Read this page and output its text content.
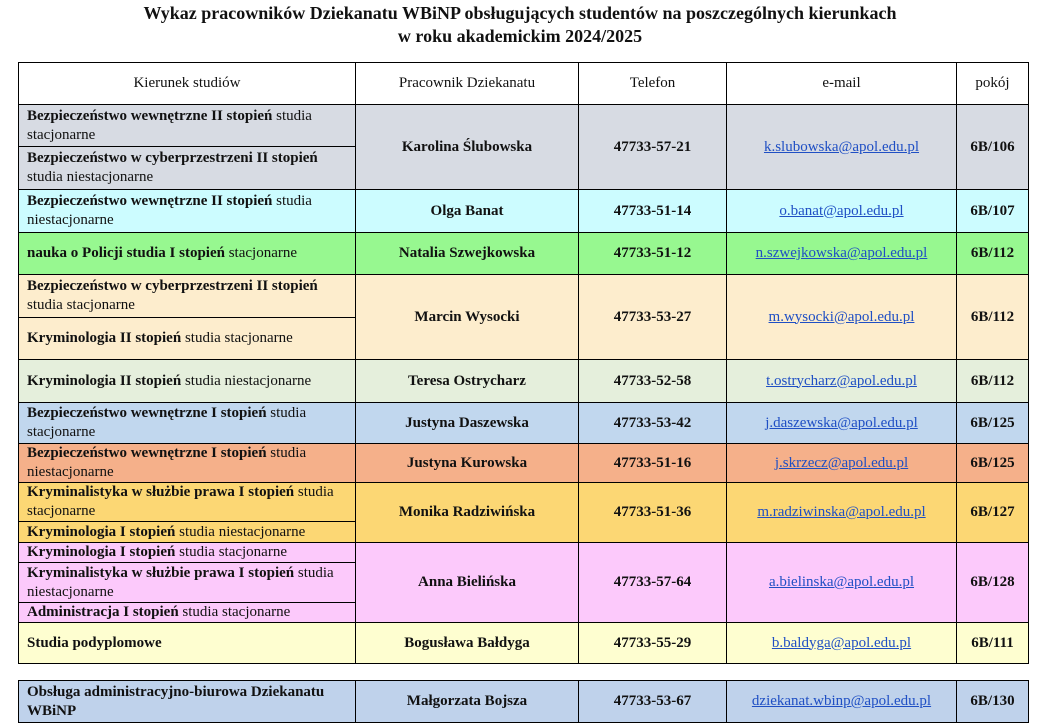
Wykaz pracowników Dziekanatu WBiNP obsługujących studentów na poszczególnych kierunkach
w roku akademickim 2024/2025
Kierunek studiów	Pracownik Dziekanatu	Telefon	e-mail	pokój
Bezpieczeństwo wewnętrzne II stopień studia stacjonarne	Karolina Ślubowska	47733-57-21	k.slubowska@apol.edu.pl	6B/106
Bezpieczeństwo w cyberprzestrzeni II stopień studia niestacjonarne				
Bezpieczeństwo wewnętrzne II stopień studia niestacjonarne	Olga Banat	47733-51-14	o.banat@apol.edu.pl	6B/107
nauka o Policji studia I stopień stacjonarne	Natalia Szwejkowska	47733-51-12	n.szwejkowska@apol.edu.pl	6B/112
Bezpieczeństwo w cyberprzestrzeni II stopień studia stacjonarne	Marcin Wysocki	47733-53-27	m.wysocki@apol.edu.pl	6B/112
Kryminologia II stopień studia stacjonarne				
Kryminologia II stopień studia niestacjonarne	Teresa Ostrycharz	47733-52-58	t.ostrycharz@apol.edu.pl	6B/112
Bezpieczeństwo wewnętrzne I stopień studia stacjonarne	Justyna Daszewska	47733-53-42	j.daszewska@apol.edu.pl	6B/125
Bezpieczeństwo wewnętrzne I stopień studia niestacjonarne	Justyna Kurowska	47733-51-16	j.skrzecz@apol.edu.pl	6B/125
Kryminalistyka w służbie prawa I stopień studia stacjonarne	Monika Radziwińska	47733-51-36	m.radziwinska@apol.edu.pl	6B/127
Kryminologia I stopień studia niestacjonarne				
Kryminologia I stopień studia stacjonarne	Anna Bielińska	47733-57-64	a.bielinska@apol.edu.pl	6B/128
Kryminalistyka w służbie prawa I stopień studia niestacjonarne				
Administracja I stopień studia stacjonarne				
Studia podyplomowe	Bogusława Bałdyga	47733-55-29	b.baldyga@apol.edu.pl	6B/111
Obsługa administracyjno-biurowa Dziekanatu WBiNP	Małgorzata Bojsza	47733-53-67	dziekanat.wbinp@apol.edu.pl	6B/130
